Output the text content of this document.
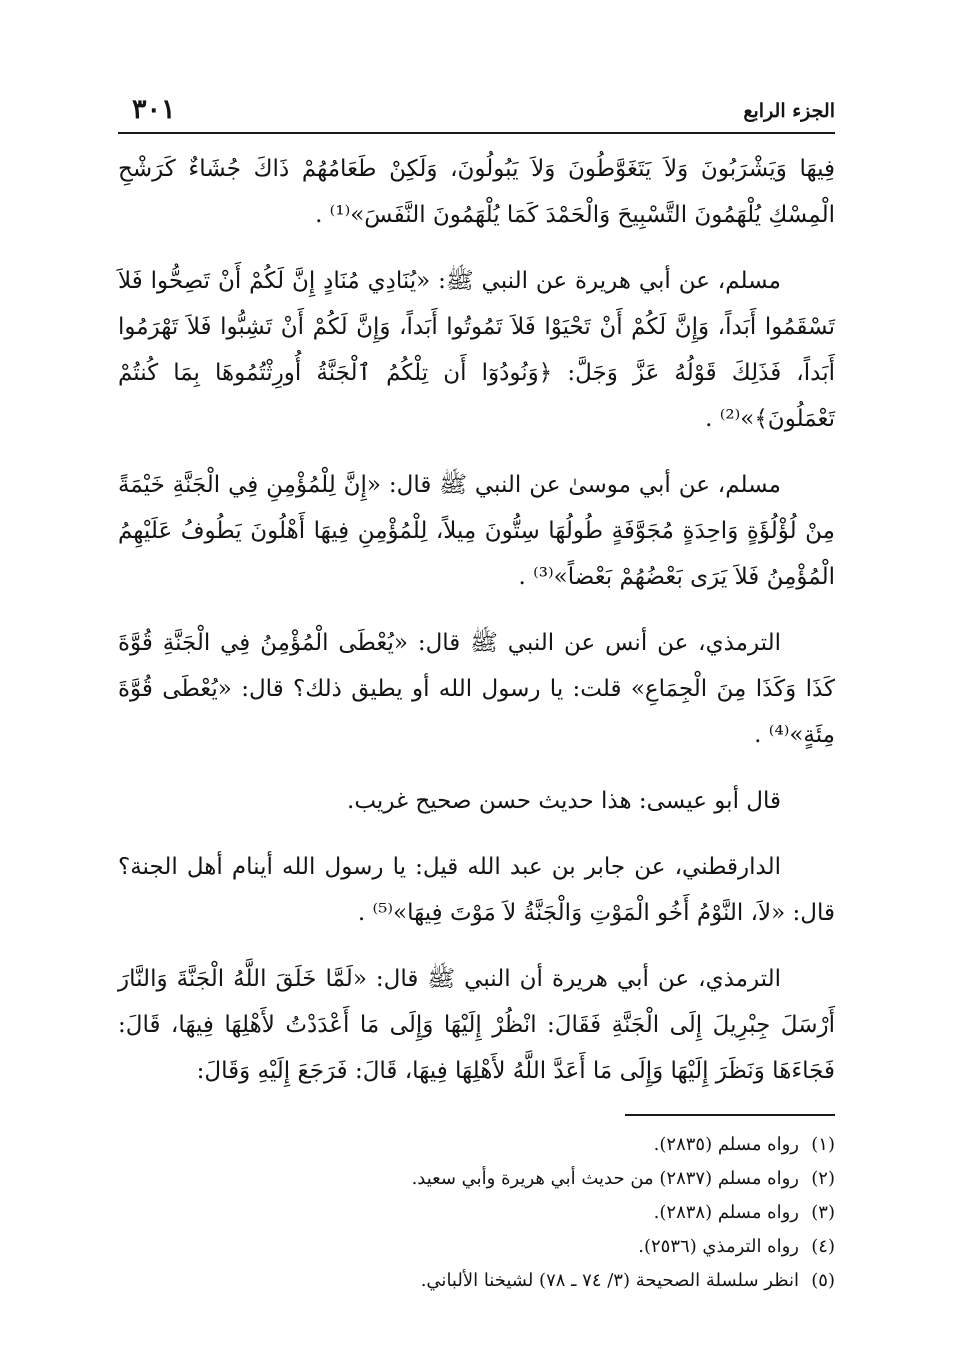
الجزء الرابع
٣٠١

فِيهَا وَيَشْرَبُونَ وَلاَ يَتَغَوَّطُونَ وَلاَ يَبُولُونَ، وَلَكِنْ طَعَامُهُمْ ذَاكَ جُشَاءٌ كَرَشْحِ الْمِسْكِ يُلْهَمُونَ التَّسْبِيحَ وَالْحَمْدَ كَمَا يُلْهَمُونَ النَّفَسَ»⁽¹⁾ .

مسلم، عن أبي هريرة عن النبي ﷺ: «يُنَادِي مُنَادٍ إِنَّ لَكُمْ أَنْ تَصِحُّوا فَلاَ تَسْقَمُوا أَبَداً، وَإِنَّ لَكُمْ أَنْ تَحْيَوْا فَلاَ تَمُوتُوا أَبَداً، وَإِنَّ لَكُمْ أَنْ تَشِبُّوا فَلاَ تَهْرَمُوا أَبَداً، فَذَلِكَ قَوْلُهُ عَزَّ وَجَلَّ: ﴿وَنُودُوٓا أَن تِلْكُمُ ٱلْجَنَّةُ أُورِثْتُمُوهَا بِمَا كُنتُمْ تَعْمَلُونَ﴾»⁽²⁾ .

مسلم، عن أبي موسىٰ عن النبي ﷺ قال: «إِنَّ لِلْمُؤْمِنِ فِي الْجَنَّةِ خَيْمَةً مِنْ لُؤْلُؤَةٍ وَاحِدَةٍ مُجَوَّفَةٍ طُولُهَا سِتُّونَ مِيلاً، لِلْمُؤْمِنِ فِيهَا أَهْلُونَ يَطُوفُ عَلَيْهِمُ الْمُؤْمِنُ فَلاَ يَرَى بَعْضُهُمْ بَعْضاً»⁽³⁾ .

الترمذي، عن أنس عن النبي ﷺ قال: «يُعْطَى الْمُؤْمِنُ فِي الْجَنَّةِ قُوَّةَ كَذَا وَكَذَا مِنَ الْجِمَاعِ» قلت: يا رسول الله أو يطيق ذلك؟ قال: «يُعْطَى قُوَّةَ مِئَةٍ»⁽⁴⁾ .

قال أبو عيسى: هذا حديث حسن صحيح غريب.

الدارقطني، عن جابر بن عبد الله قيل: يا رسول الله أينام أهل الجنة؟ قال: «لاَ، النَّوْمُ أَخُو الْمَوْتِ وَالْجَنَّةُ لاَ مَوْتَ فِيهَا»⁽⁵⁾ .

الترمذي، عن أبي هريرة أن النبي ﷺ قال: «لَمَّا خَلَقَ اللَّهُ الْجَنَّةَ وَالنَّارَ أَرْسَلَ جِبْرِيلَ إِلَى الْجَنَّةِ فَقَالَ: انْظُرْ إِلَيْهَا وَإِلَى مَا أَعْدَدْتُ لأَهْلِهَا فِيهَا، قَالَ: فَجَاءَهَا وَنَظَرَ إِلَيْهَا وَإِلَى مَا أَعَدَّ اللَّهُ لأَهْلِهَا فِيهَا، قَالَ: فَرَجَعَ إِلَيْهِ وَقَالَ:

(١)
رواه مسلم (٢٨٣٥).
(٢)
رواه مسلم (٢٨٣٧) من حديث أبي هريرة وأبي سعيد.
(٣)
رواه مسلم (٢٨٣٨).
(٤)
رواه الترمذي (٢٥٣٦).
(٥)
انظر سلسلة الصحيحة (٣/ ٧٤ ـ ٧٨) لشيخنا الألباني.
